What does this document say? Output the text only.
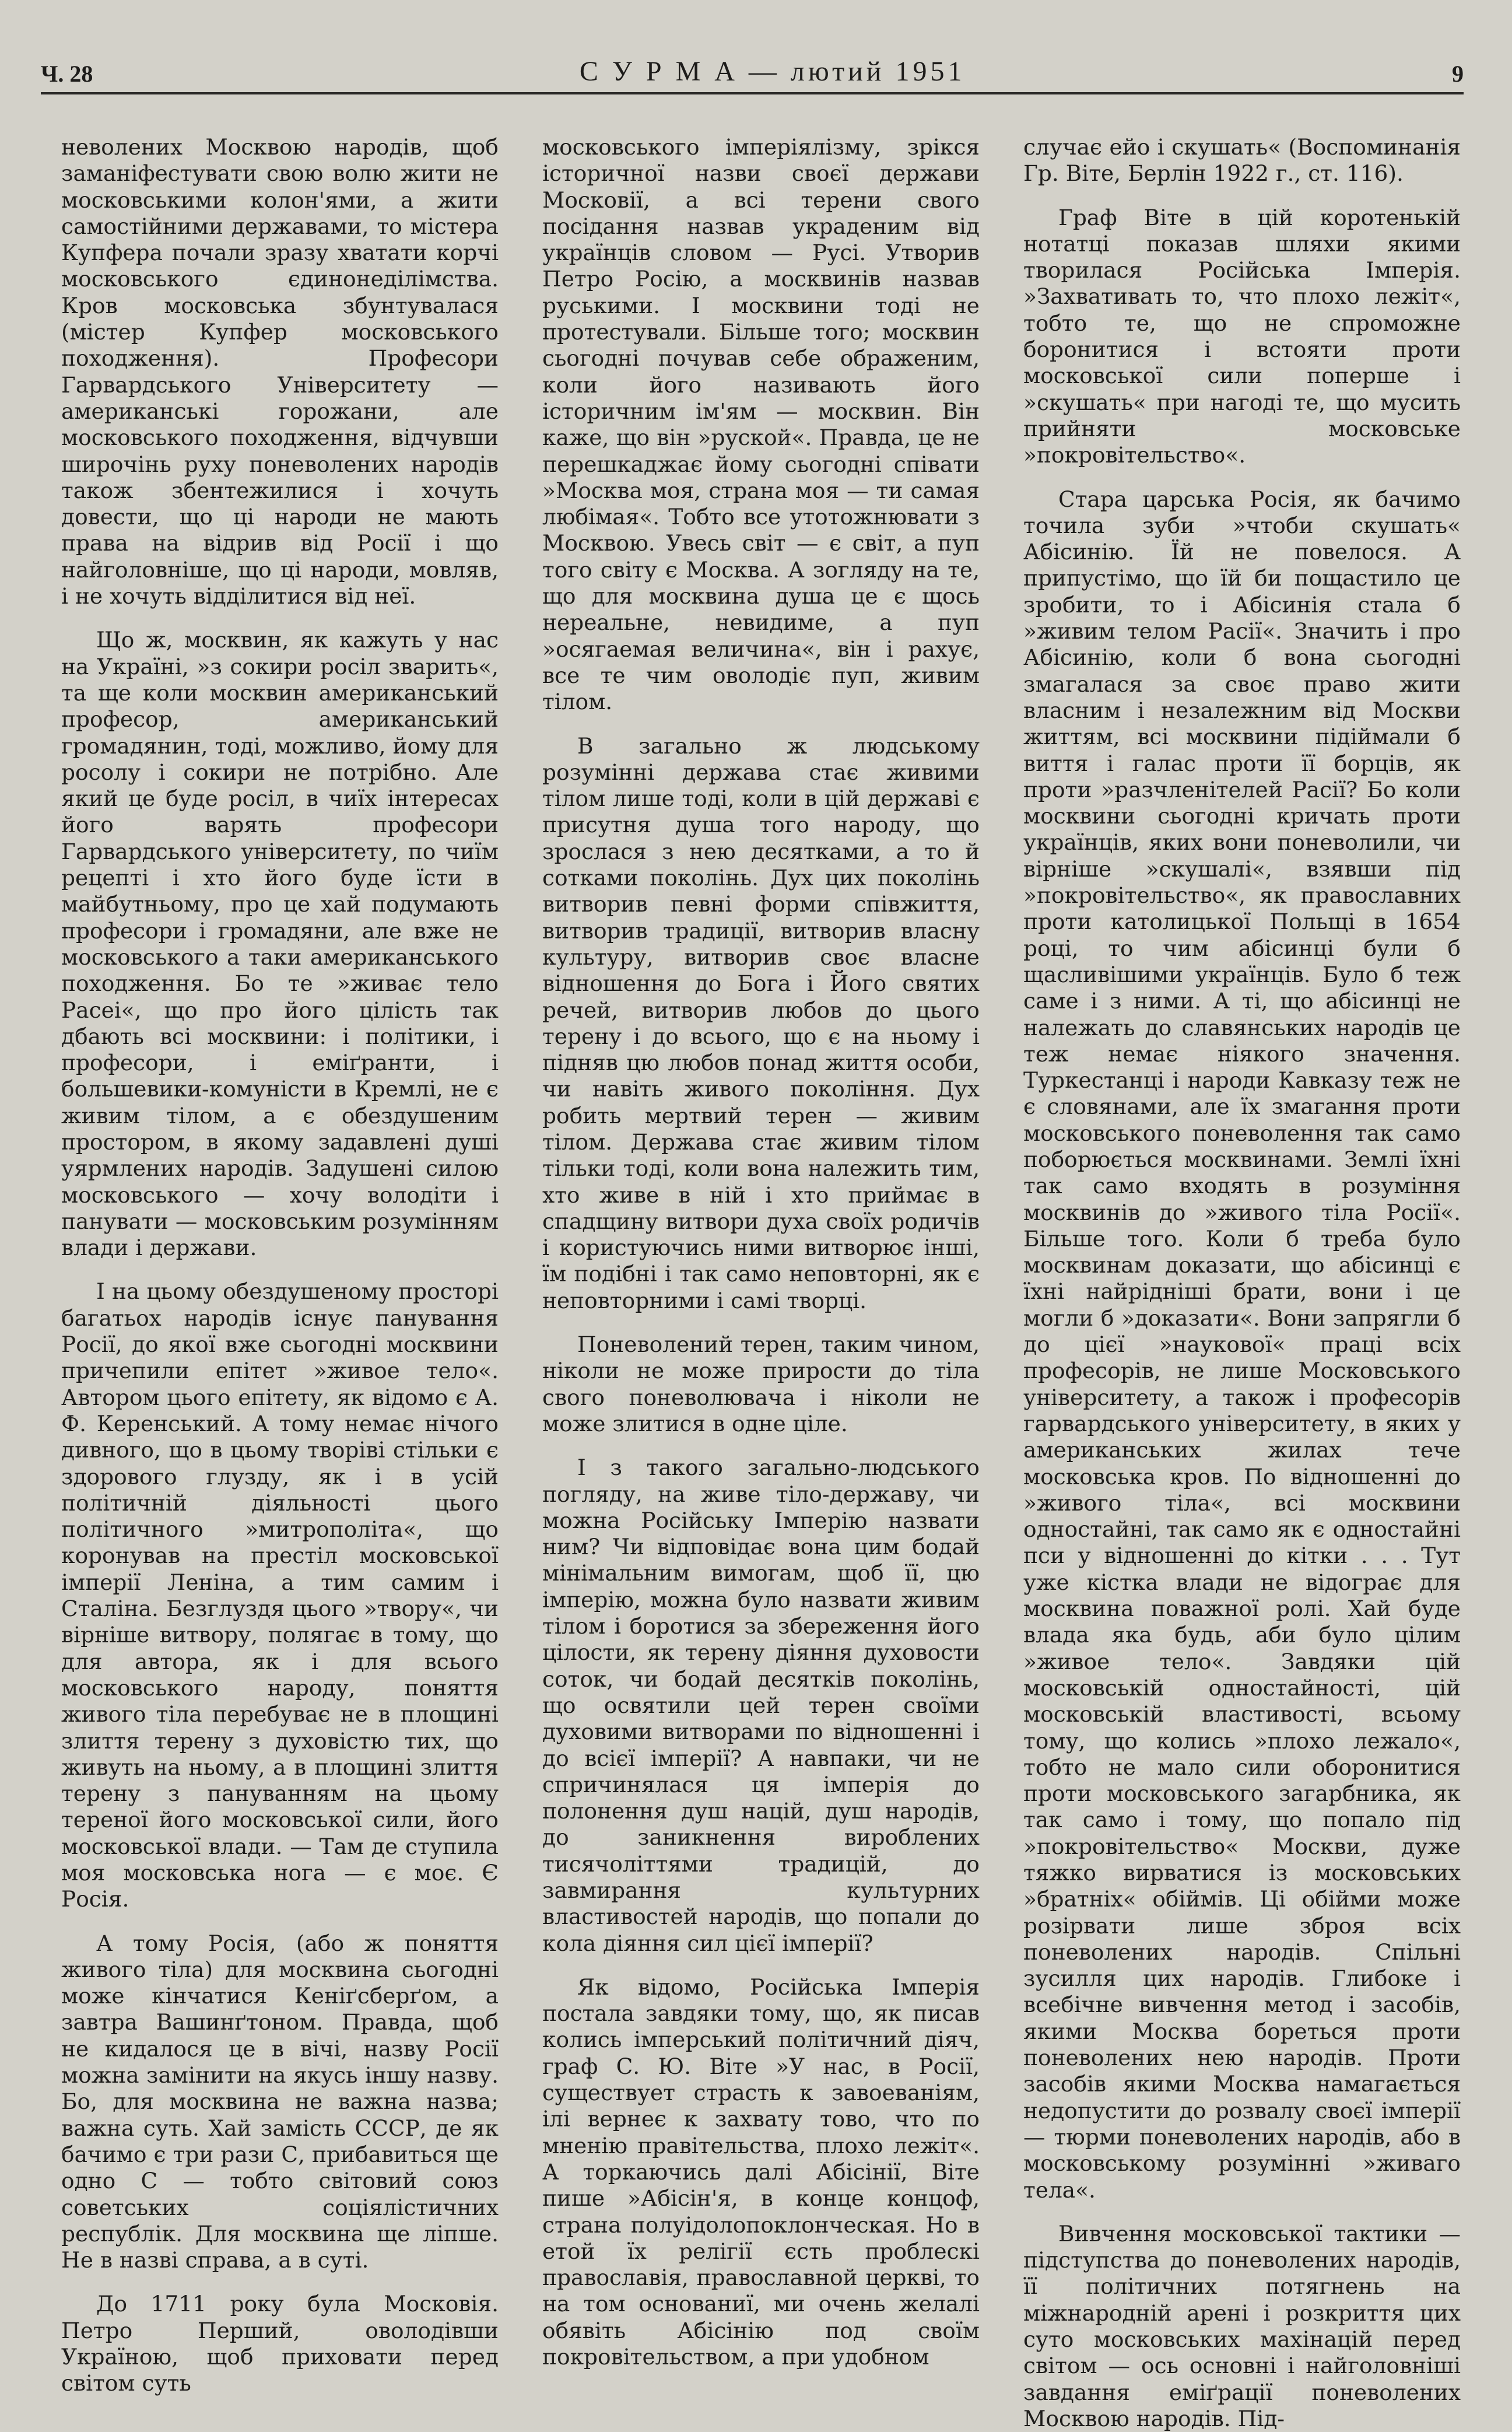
Ч. 28	С У Р М А — лютий 1951	9

неволених Москвою народів, щоб заманіфестувати свою волю жити не московськими колон'ями, а жити самостійними державами, то містера Купфера почали зразу хватати корчі московського єдинонеділімства. Кров московська збунтувалася (містер Купфер московського походження). Професори Гарвардського Університету — американські горожани, але московського походження, відчувши широчінь руху поневолених народів також збентежилися і хочуть довести, що ці народи не мають права на відрив від Росії і що найголовніше, що ці народи, мовляв, і не хочуть відділитися від неї.

Що ж, москвин, як кажуть у нас на Україні, »з сокири росіл зварить«, та ще коли москвин американський професор, американський громадянин, тоді, можливо, йому для росолу і сокири не потрібно. Але який це буде росіл, в чиїх інтересах його варять професори Гарвардського університету, по чиїм рецепті і хто його буде їсти в майбутньому, про це хай подумають професори і громадяни, але вже не московського а таки американського походження. Бо те »живає тело Расеі«, що про його цілість так дбають всі москвини: і політики, і професори, і еміґранти, і большевики-комуністи в Кремлі, не є живим тілом, а є обездушеним простором, в якому задавлені душі уярмлених народів. Задушені силою московського — хочу володіти і панувати — московським розумінням влади і держави.

І на цьому обездушеному просторі багатьох народів існує панування Росії, до якої вже сьогодні москвини причепили епітет »живое тело«. Автором цього епітету, як відомо є А. Ф. Керенський. А тому немає нічого дивного, що в цьому творіві стільки є здорового глузду, як і в усій політичній діяльності цього політичного »митрополіта«, що коронував на престіл московської імперії Леніна, а тим самим і Сталіна. Безглуздя цього »твору«, чи вірніше витвору, полягає в тому, що для автора, як і для всього московського народу, поняття живого тіла перебуває не в площині злиття терену з духовістю тих, що живуть на ньому, а в площині злиття терену з пануванням на цьому тереної його московської сили, його московської влади. — Там де ступила моя московська нога — є моє. Є Росія.

А тому Росія, (або ж поняття живого тіла) для москвина сьогодні може кінчатися Кеніґсберґом, а завтра Вашинґтоном. Правда, щоб не кидалося це в вічі, назву Росії можна замінити на якусь іншу назву. Бо, для москвина не важна назва; важна суть. Хай замість СССР, де як бачимо є три рази С, прибавиться ще одно С — тобто світовий союз советських соціялістичних республік. Для москвина ще ліпше. Не в назві справа, а в суті.

До 1711 року була Московія. Петро Перший, оволодівши Україною, щоб приховати перед світом суть

московського імперіялізму, зрікся історичної назви своєї держави Московії, а всі терени свого посідання назвав украденим від українців словом — Русі. Утворив Петро Росію, а москвинів назвав руськими. І москвини тоді не протестували. Більше того; москвин сьогодні почував себе ображеним, коли його називають його історичним ім'ям — москвин. Він каже, що він »руской«. Правда, це не перешкаджає йому сьогодні співати »Москва моя, страна моя — ти самая любімая«. Тобто все утотожнювати з Москвою. Увесь світ — є світ, а пуп того світу є Москва. А зогляду на те, що для москвина душа це є щось нереальне, невидиме, а пуп »осягаемая величина«, він і рахує, все те чим оволодіє пуп, живим тілом.

В загально ж людському розумінні держава стає живими тілом лише тоді, коли в цій державі є присутня душа того народу, що зрослася з нею десятками, а то й сотками поколінь. Дух цих поколінь витворив певні форми співжиття, витворив традиції, витворив власну культуру, витворив своє власне відношення до Бога і Його святих речей, витворив любов до цього терену і до всього, що є на ньому і підняв цю любов понад життя особи, чи навіть живого покоління. Дух робить мертвий терен — живим тілом. Держава стає живим тілом тільки тоді, коли вона належить тим, хто живе в ній і хто приймає в спадщину витвори духа своїх родичів і користуючись ними витворює інші, їм подібні і так само неповторні, як є неповторними і самі творці.

Поневолений терен, таким чином, ніколи не може прирости до тіла свого поневолювача і ніколи не може злитися в одне ціле.

І з такого загально-людського погляду, на живе тіло-державу, чи можна Російську Імперію назвати ним? Чи відповідає вона цим бодай мінімальним вимогам, щоб її, цю імперію, можна було назвати живим тілом і боротися за збереження його цілости, як терену діяння духовости соток, чи бодай десятків поколінь, що освятили цей терен своїми духовими витворами по відношенні і до всієї імперії? А навпаки, чи не спричинялася ця імперія до полонення душ націй, душ народів, до заникнення вироблених тисячоліттями традицій, до завмирання культурних властивостей народів, що попали до кола діяння сил цієї імперії?

Як відомо, Російська Імперія постала завдяки тому, що, як писав колись імперський політичний діяч, граф С. Ю. Віте »У нас, в Росії, существует страсть к завоеваніям, ілі вернеє к захвату тово, что по мненію правітельства, плохо лежіт«. А торкаючись далі Абісінії, Віте пише »Абісін'я, в конце концоф, страна полуідолопоклонческая. Но в етой їх релігії єсть проблескі православія, православной церкві, то на том основаниї, ми очень желалі обявіть Абісінію под своїм покровітельством, а при удобном

случає ейо і скушать« (Воспоминанія Гр. Віте, Берлін 1922 г., ст. 116).

Граф Віте в цій коротенькій нотатці показав шляхи якими творилася Російська Імперія. »Захвативать то, что плохо лежіт«, тобто те, що не спроможне боронитися і встояти проти московської сили поперше і »скушать« при нагоді те, що мусить прийняти московське »покровітельство«.

Стара царська Росія, як бачимо точила зуби »чтоби скушать« Абісинію. Їй не повелося. А припустімо, що їй би пощастило це зробити, то і Абісинія стала б »живим телом Расії«. Значить і про Абісинію, коли б вона сьогодні змагалася за своє право жити власним і незалежним від Москви життям, всі москвини підіймали б виття і галас проти її борців, як проти »разчленітелей Расії? Бо коли москвини сьогодні кричать проти українців, яких вони поневолили, чи вірніше »скушалі«, взявши під »покровітельство«, як православних проти католицької Польщі в 1654 році, то чим абісинці були б щасливішими українців. Було б теж саме і з ними. А ті, що абісинці не належать до славянських народів це теж немає ніякого значення. Туркестанці і народи Кавказу теж не є словянами, але їх змагання проти московського поневолення так само поборюється москвинами. Землі їхні так само входять в розуміння москвинів до »живого тіла Росії«. Більше того. Коли б треба було москвинам доказати, що абісинці є їхні найрідніші брати, вони і це могли б »доказати«. Вони запрягли б до цієї »наукової« праці всіх професорів, не лише Московського університету, а також і професорів гарвардського університету, в яких у американських жилах тече московська кров. По відношенні до »живого тіла«, всі москвини одностайні, так само як є одностайні пси у відношенні до кітки . . . Тут уже кістка влади не відограє для москвина поважної ролі. Хай буде влада яка будь, аби було цілим »живое тело«. Завдяки цій московській одностайності, цій московській властивості, всьому тому, що колись »плохо лежало«, тобто не мало сили оборонитися проти московського загарбника, як так само і тому, що попало під »покровітельство« Москви, дуже тяжко вирватися із московських »братніх« обіймів. Ці обійми може розірвати лише зброя всіх поневолених народів. Спільні зусилля цих народів. Глибоке і всебічне вивчення метод і засобів, якими Москва бореться проти поневолених нею народів. Проти засобів якими Москва намагається недопустити до розвалу своєї імперії — тюрми поневолених народів, або в московському розумінні »живаго тела«.

Вивчення московської тактики — підступства до поневолених народів, її політичних потягнень на міжнародній арені і розкриття цих суто московських махінацій перед світом — ось основні і найголовніші завдання еміґрації поневолених Москвою народів. Під-
